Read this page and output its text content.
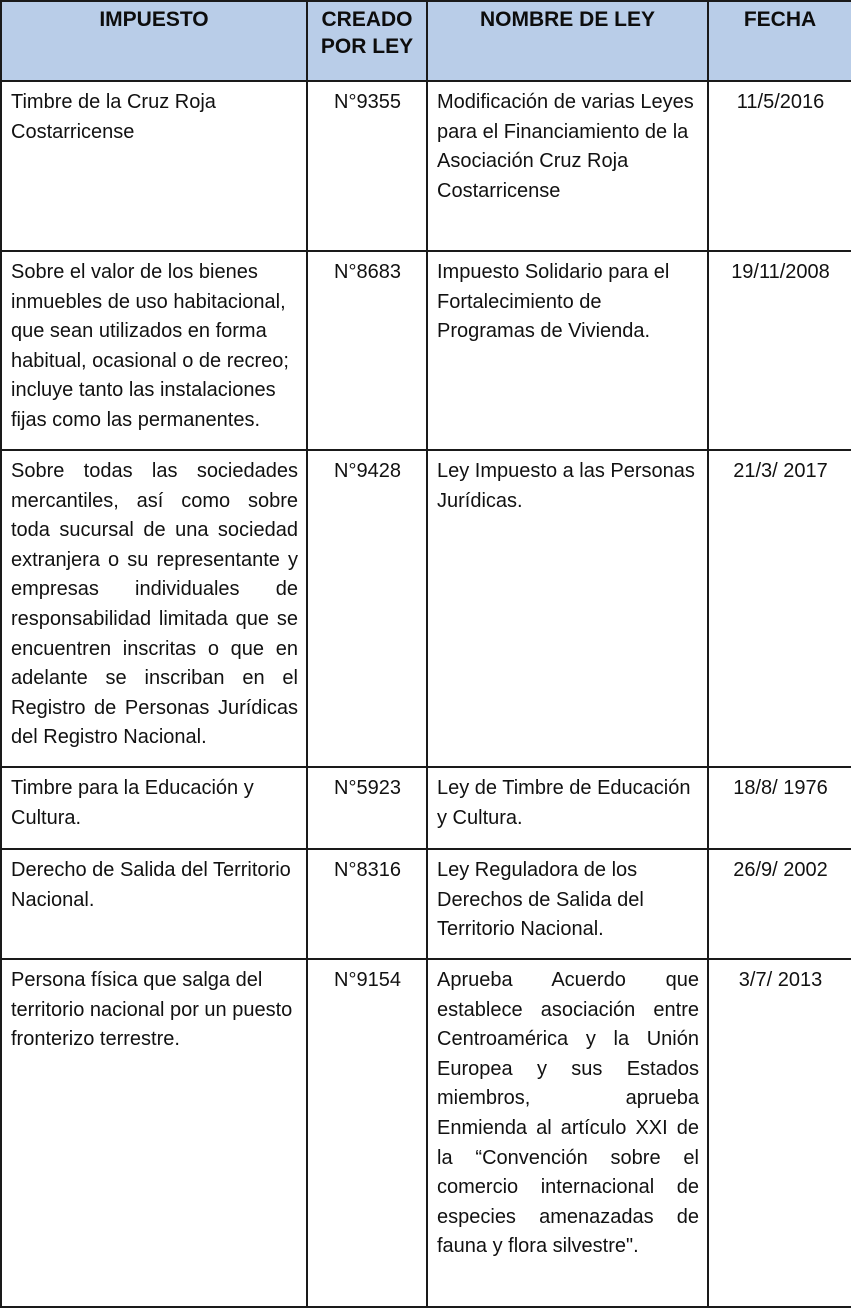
IMPUESTO	CREADO POR LEY	NOMBRE DE LEY	FECHA
Timbre de la Cruz Roja Costarricense	N°9355	Modificación de varias Leyes para el Financiamiento de la Asociación Cruz Roja Costarricense	11/5/2016
Sobre el valor de los bienes inmuebles de uso habitacional, que sean utilizados en forma habitual, ocasional o de recreo; incluye tanto las instalaciones fijas como las permanentes.	N°8683	Impuesto Solidario para el Fortalecimiento de Programas de Vivienda.	19/11/2008
Sobre todas las sociedades mercantiles, así como sobre toda sucursal de una sociedad extranjera o su representante y empresas individuales de responsabilidad limitada que se encuentren inscritas o que en adelante se inscriban en el Registro de Personas Jurídicas del Registro Nacional.	N°9428	Ley Impuesto a las Personas Jurídicas.	21/3/ 2017
Timbre para la Educación y Cultura.	N°5923	Ley de Timbre de Educación y Cultura.	18/8/ 1976
Derecho de Salida del Territorio Nacional.	N°8316	Ley Reguladora de los Derechos de Salida del Territorio Nacional.	26/9/ 2002
Persona física que salga del territorio nacional por un puesto fronterizo terrestre.	N°9154	Aprueba Acuerdo que establece asociación entre Centroamérica y la Unión Europea y sus Estados miembros, aprueba Enmienda al artículo XXI de la “Convención sobre el comercio internacional de especies amenazadas de fauna y flora silvestre".	3/7/ 2013
